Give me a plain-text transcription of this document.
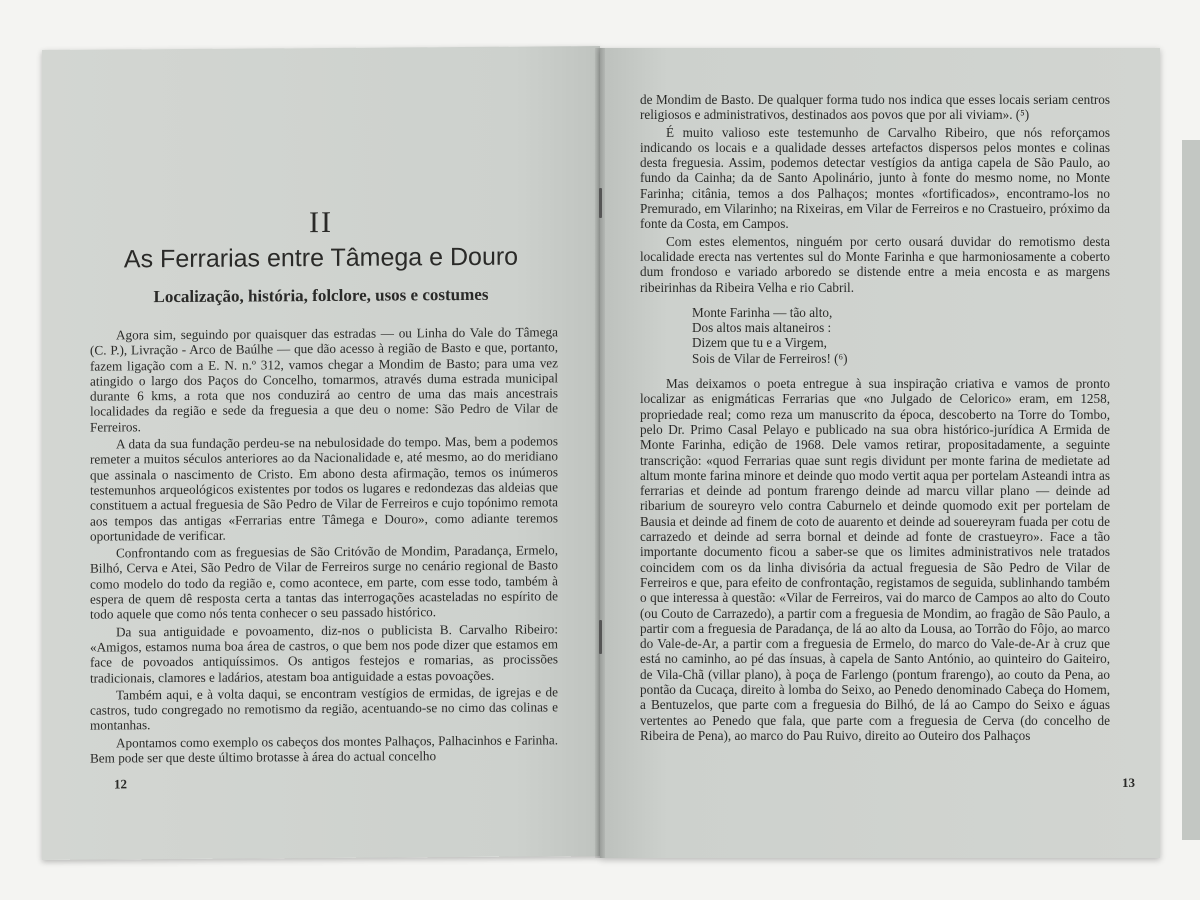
II
As Ferrarias entre Tâmega e Douro
Localização, história, folclore, usos e costumes

Agora sim, seguindo por quaisquer das estradas — ou Linha do Vale do Tâmega (C. P.), Livração - Arco de Baúlhe — que dão acesso à região de Basto e que, portanto, fazem ligação com a E. N. n.º 312, vamos chegar a Mondim de Basto; para uma vez atingido o largo dos Paços do Concelho, tomarmos, através duma estrada municipal durante 6 kms, a rota que nos conduzirá ao centro de uma das mais ancestrais localidades da região e sede da freguesia a que deu o nome: São Pedro de Vilar de Ferreiros.

A data da sua fundação perdeu-se na nebulosidade do tempo. Mas, bem a podemos remeter a muitos séculos anteriores ao da Nacionalidade e, até mesmo, ao do meridiano que assinala o nascimento de Cristo. Em abono desta afirmação, temos os inúmeros testemunhos arqueológicos existentes por todos os lugares e redondezas das aldeias que constituem a actual freguesia de São Pedro de Vilar de Ferreiros e cujo topónimo remota aos tempos das antigas «Ferrarias entre Tâmega e Douro», como adiante teremos oportunidade de verificar.

Confrontando com as freguesias de São Critóvão de Mondim, Paradança, Ermelo, Bilhó, Cerva e Atei, São Pedro de Vilar de Ferreiros surge no cenário regional de Basto como modelo do todo da região e, como acontece, em parte, com esse todo, também à espera de quem dê resposta certa a tantas das interrogações acasteladas no espírito de todo aquele que como nós tenta conhecer o seu passado histórico.

Da sua antiguidade e povoamento, diz-nos o publicista B. Carvalho Ribeiro: «Amigos, estamos numa boa área de castros, o que bem nos pode dizer que estamos em face de povoados antiquíssimos. Os antigos festejos e romarias, as procissões tradicionais, clamores e ladários, atestam boa antiguidade a estas povoações.

Também aqui, e à volta daqui, se encontram vestígios de ermidas, de igrejas e de castros, tudo congregado no remotismo da região, acentuando-se no cimo das colinas e montanhas.

Apontamos como exemplo os cabeços dos montes Palhaços, Palhacinhos e Farinha. Bem pode ser que deste último brotasse à área do actual concelho

12

de Mondim de Basto. De qualquer forma tudo nos indica que esses locais seriam centros religiosos e administrativos, destinados aos povos que por ali viviam». (⁵)

É muito valioso este testemunho de Carvalho Ribeiro, que nós reforçamos indicando os locais e a qualidade desses artefactos dispersos pelos montes e colinas desta freguesia. Assim, podemos detectar vestígios da antiga capela de São Paulo, ao fundo da Cainha; da de Santo Apolinário, junto à fonte do mesmo nome, no Monte Farinha; citânia, temos a dos Palhaços; montes «fortificados», encontramo-los no Premurado, em Vilarinho; na Rixeiras, em Vilar de Ferreiros e no Crastueiro, próximo da fonte da Costa, em Campos.

Com estes elementos, ninguém por certo ousará duvidar do remotismo desta localidade erecta nas vertentes sul do Monte Farinha e que harmoniosamente a coberto dum frondoso e variado arboredo se distende entre a meia encosta e as margens ribeirinhas da Ribeira Velha e rio Cabril.

Monte Farinha — tão alto,
Dos altos mais altaneiros :
Dizem que tu e a Virgem,
Sois de Vilar de Ferreiros! (⁶)

Mas deixamos o poeta entregue à sua inspiração criativa e vamos de pronto localizar as enigmáticas Ferrarias que «no Julgado de Celorico» eram, em 1258, propriedade real; como reza um manuscrito da época, descoberto na Torre do Tombo, pelo Dr. Primo Casal Pelayo e publicado na sua obra histórico-jurídica A Ermida de Monte Farinha, edição de 1968. Dele vamos retirar, propositadamente, a seguinte transcrição: «quod Ferrarias quae sunt regis dividunt per monte farina de medietate ad altum monte farina minore et deinde quo modo vertit aqua per portelam Asteandi intra as ferrarias et deinde ad pontum frarengo deinde ad marcu villar plano — deinde ad ribarium de soureyro velo contra Caburnelo et deinde quomodo exit per portelam de Bausia et deinde ad finem de coto de auarento et deinde ad souereyram fuada per cotu de carrazedo et deinde ad serra bornal et deinde ad fonte de crastueyro». Face a tão importante documento ficou a saber-se que os limites administrativos nele tratados coincidem com os da linha divisória da actual freguesia de São Pedro de Vilar de Ferreiros e que, para efeito de confrontação, registamos de seguida, sublinhando também o que interessa à questão: «Vilar de Ferreiros, vai do marco de Campos ao alto do Couto (ou Couto de Carrazedo), a partir com a freguesia de Mondim, ao fragão de São Paulo, a partir com a freguesia de Paradança, de lá ao alto da Lousa, ao Torrão do Fôjo, ao marco do Vale-de-Ar, a partir com a freguesia de Ermelo, do marco do Vale-de-Ar à cruz que está no caminho, ao pé das ínsuas, à capela de Santo António, ao quinteiro do Gaiteiro, de Vila-Chã (villar plano), à poça de Farlengo (pontum frarengo), ao couto da Pena, ao pontão da Cucaça, direito à lomba do Seixo, ao Penedo denominado Cabeça do Homem, a Bentuzelos, que parte com a freguesia do Bilhó, de lá ao Campo do Seixo e águas vertentes ao Penedo que fala, que parte com a freguesia de Cerva (do concelho de Ribeira de Pena), ao marco do Pau Ruivo, direito ao Outeiro dos Palhaços

13
